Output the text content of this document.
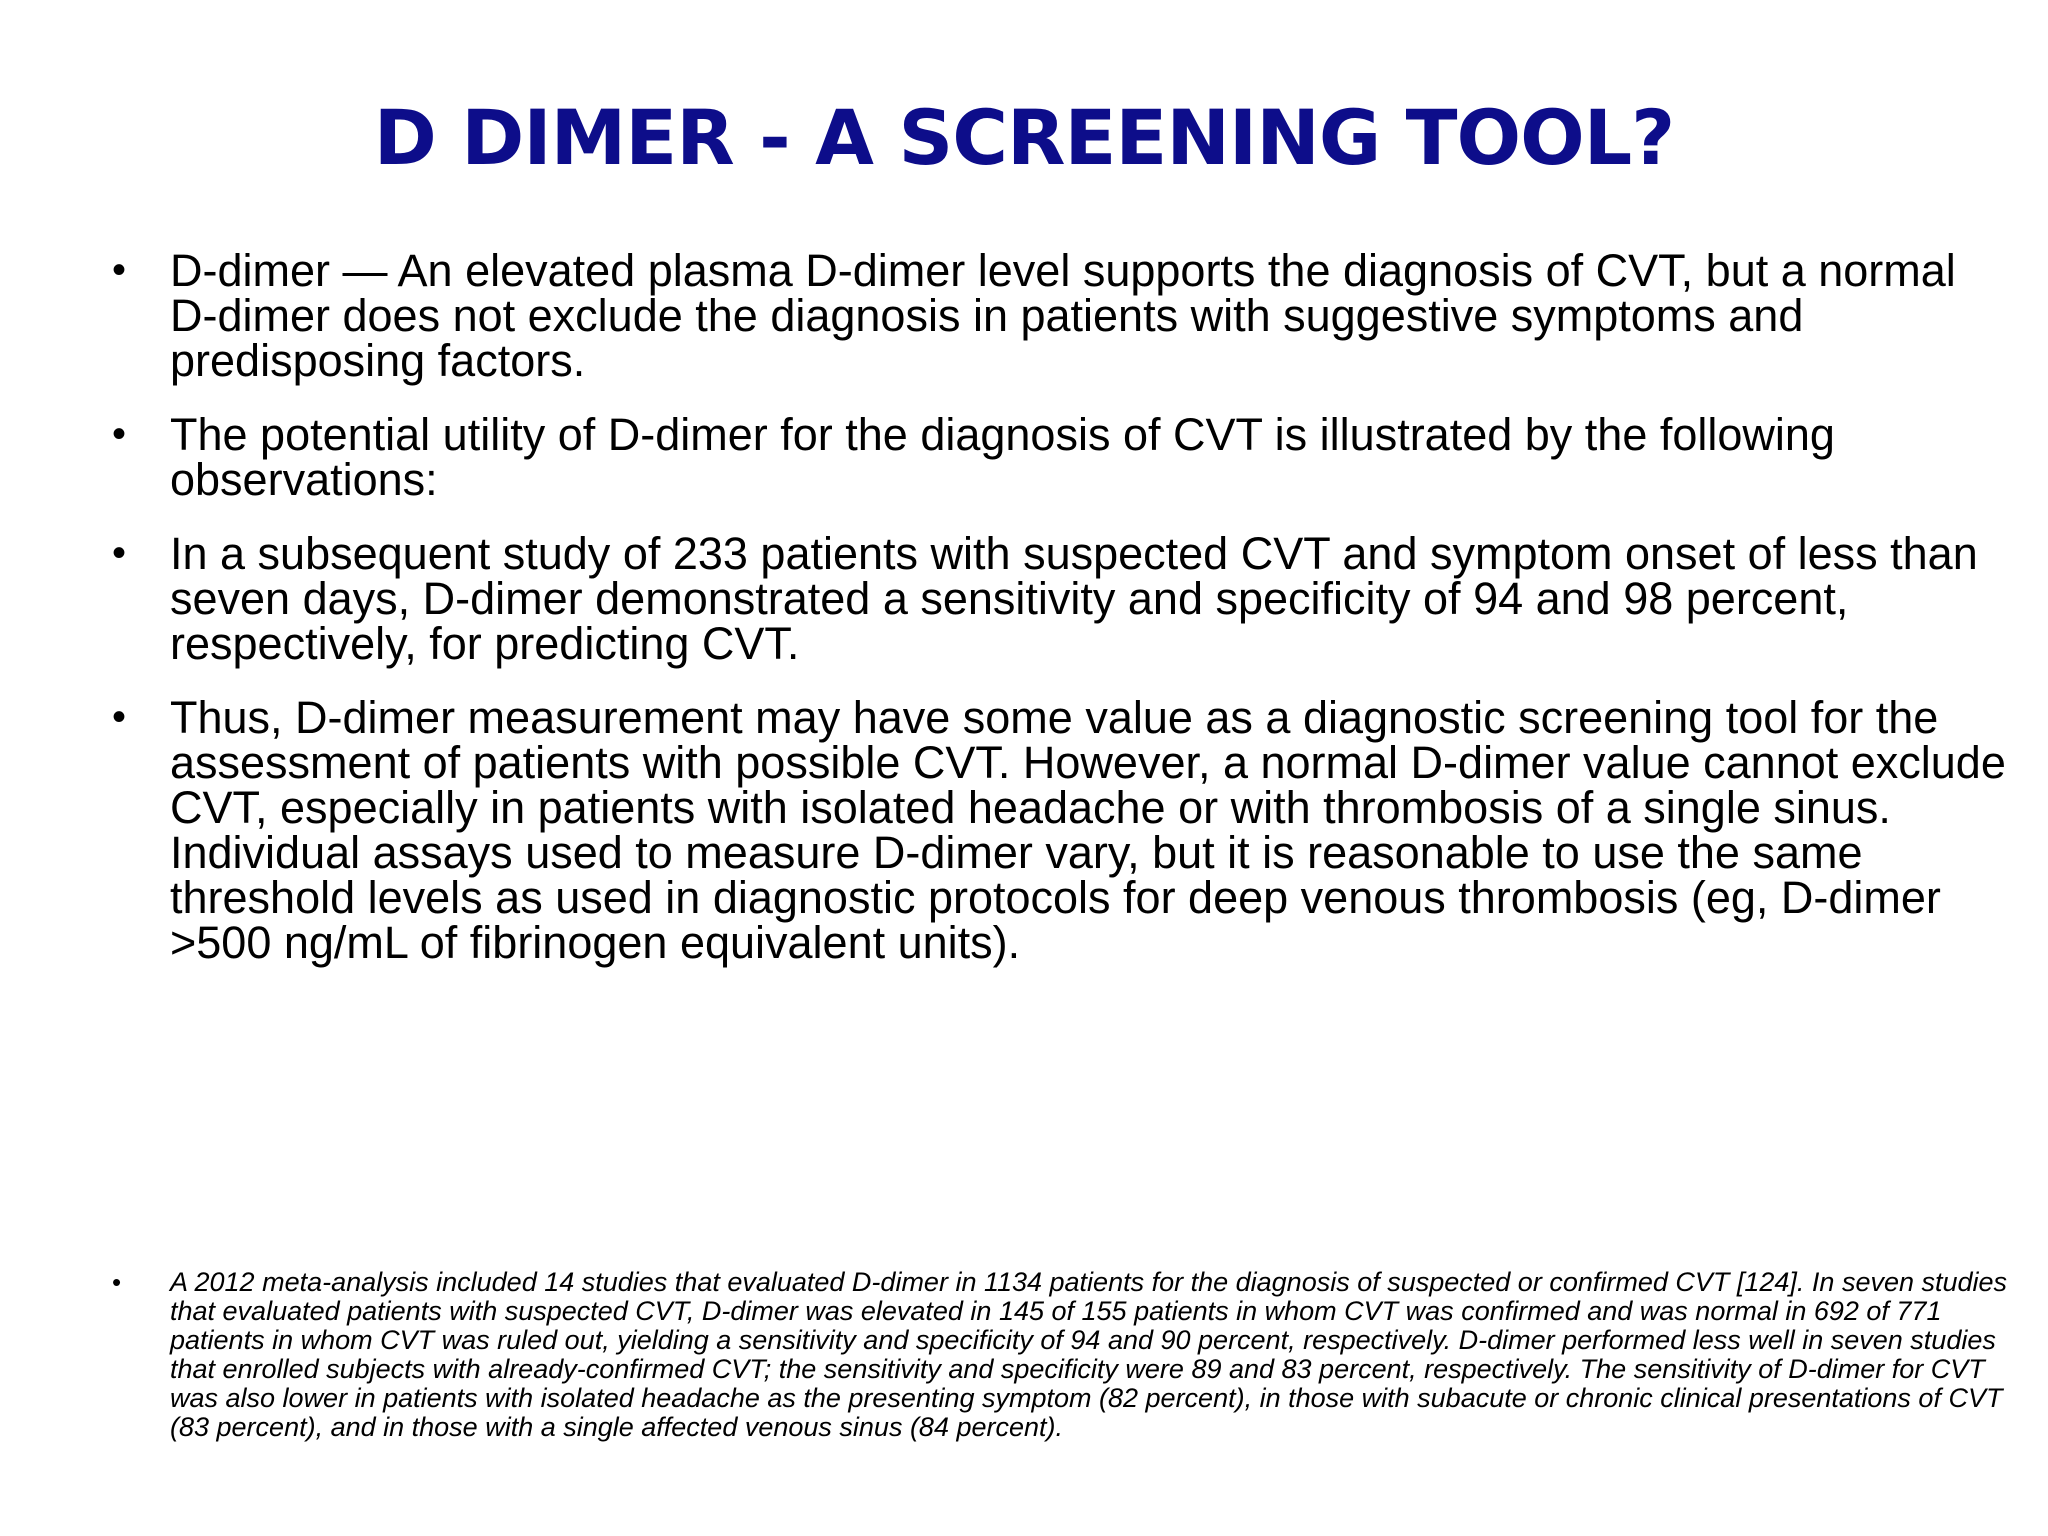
D DIMER - A SCREENING TOOL?
• D-dimer — An elevated plasma D-dimer level supports the diagnosis of CVT, but a normal D-dimer does not exclude the diagnosis in patients with suggestive symptoms and predisposing factors.
• The potential utility of D-dimer for the diagnosis of CVT is illustrated by the following observations:
• In a subsequent study of 233 patients with suspected CVT and symptom onset of less than seven days, D-dimer demonstrated a sensitivity and specificity of 94 and 98 percent, respectively, for predicting CVT.
• Thus, D-dimer measurement may have some value as a diagnostic screening tool for the assessment of patients with possible CVT. However, a normal D-dimer value cannot exclude CVT, especially in patients with isolated headache or with thrombosis of a single sinus. Individual assays used to measure D-dimer vary, but it is reasonable to use the same threshold levels as used in diagnostic protocols for deep venous thrombosis (eg, D-dimer >500 ng/mL of fibrinogen equivalent units).
• A 2012 meta-analysis included 14 studies that evaluated D-dimer in 1134 patients for the diagnosis of suspected or confirmed CVT [124]. In seven studies that evaluated patients with suspected CVT, D-dimer was elevated in 145 of 155 patients in whom CVT was confirmed and was normal in 692 of 771 patients in whom CVT was ruled out, yielding a sensitivity and specificity of 94 and 90 percent, respectively. D-dimer performed less well in seven studies that enrolled subjects with already-confirmed CVT; the sensitivity and specificity were 89 and 83 percent, respectively. The sensitivity of D-dimer for CVT was also lower in patients with isolated headache as the presenting symptom (82 percent), in those with subacute or chronic clinical presentations of CVT (83 percent), and in those with a single affected venous sinus (84 percent).
